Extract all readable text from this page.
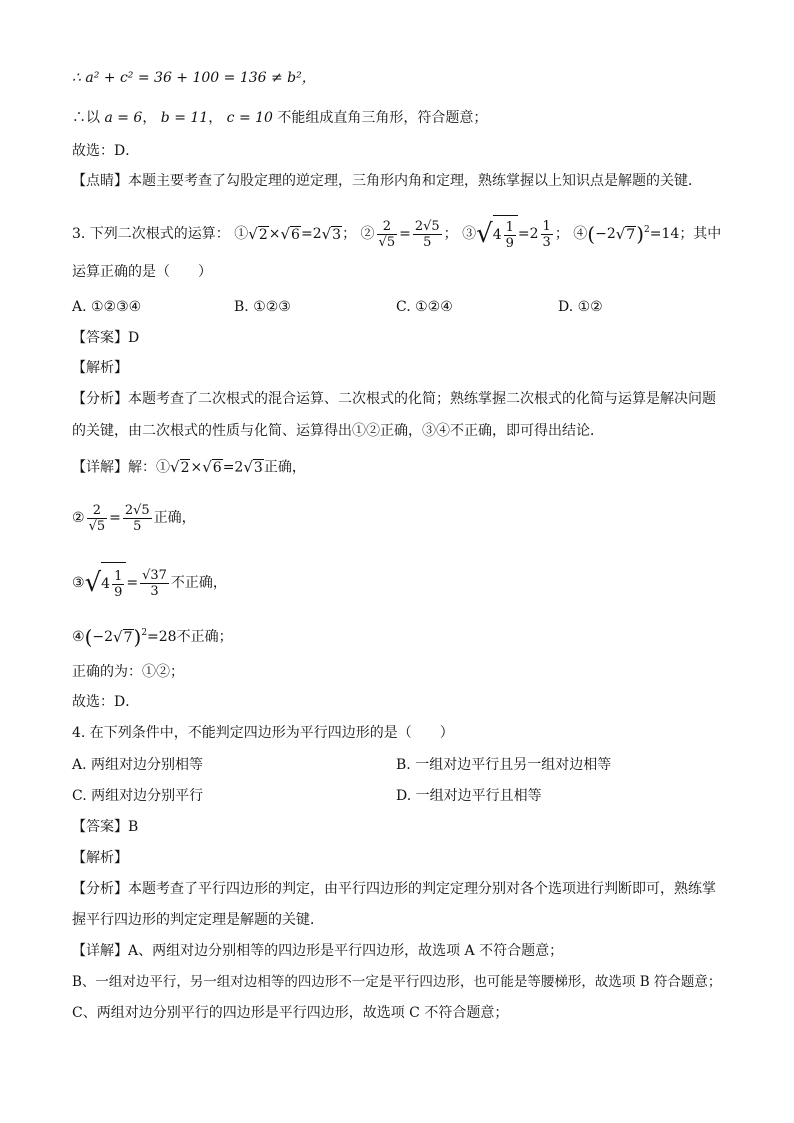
∴ a² + c² = 36 + 100 = 136 ≠ b²，
∴以 a = 6， b = 11， c = 10 不能组成直角三角形，符合题意；
故选：D．
【点睛】本题主要考查了勾股定理的逆定理，三角形内角和定理，熟练掌握以上知识点是解题的关键．
3. 下列二次根式的运算： ①√2×√6=2√3； ② $\frac{2}{√5} = \frac{2√5}{5}$ ； ③√4 $\frac{1}{9} =2 \frac{1}{3}$ ； $④(-2√7)^2=14$；其中
运算正确的是（　　）
A. ①②③④	B. ①②③	C. ①②④	D. ①②
【答案】D
【解析】
【分析】本题考查了二次根式的混合运算、二次根式的化简；熟练掌握二次根式的化简与运算是解决问题
的关键，由二次根式的性质与化简、运算得出①②正确，③④不正确，即可得出结论．
【详解】解：①√2×√6=2√3正确，
② $\frac{2}{√5} = \frac{2√5}{5}$ 正确，
③√4 $\frac{1}{9} = \frac{√37}{3}$ 不正确，
$④(-2√7)^2=28$不正确；
正确的为：①②；
故选：D．
4. 在下列条件中，不能判定四边形为平行四边形的是（　　）
A. 两组对边分别相等	B. 一组对边平行且另一组对边相等
C. 两组对边分别平行	D. 一组对边平行且相等
【答案】B
【解析】
【分析】本题考查了平行四边形的判定，由平行四边形的判定定理分别对各个选项进行判断即可，熟练掌
握平行四边形的判定定理是解题的关键．
【详解】A、两组对边分别相等的四边形是平行四边形，故选项 A 不符合题意；
B、一组对边平行，另一组对边相等的四边形不一定是平行四边形，也可能是等腰梯形，故选项 B 符合题意；
C、两组对边分别平行的四边形是平行四边形，故选项 C 不符合题意；
